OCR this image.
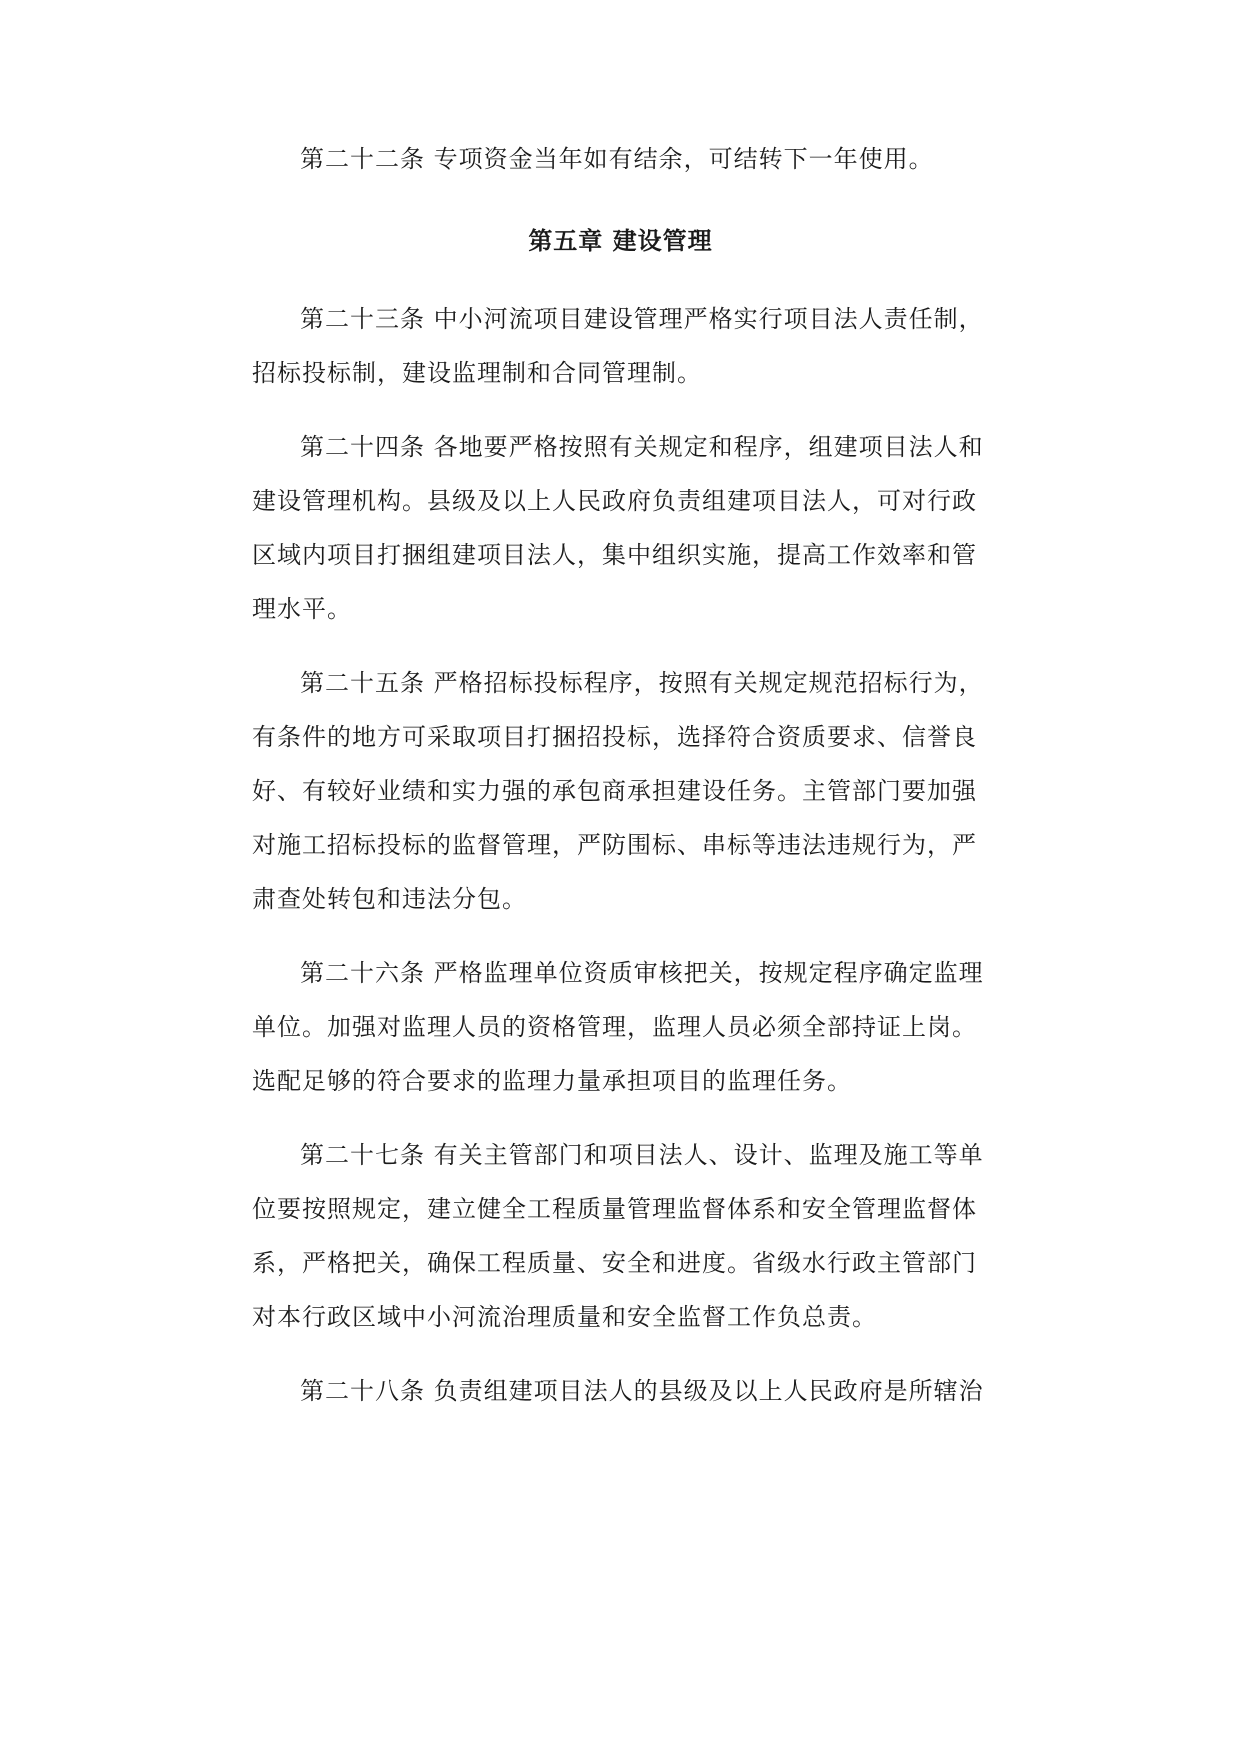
第二十二条 专项资金当年如有结余，可结转下一年使用。
第五章 建设管理
第二十三条 中小河流项目建设管理严格实行项目法人责任制，
招标投标制，建设监理制和合同管理制。
第二十四条 各地要严格按照有关规定和程序，组建项目法人和
建设管理机构。县级及以上人民政府负责组建项目法人，可对行政
区域内项目打捆组建项目法人，集中组织实施，提高工作效率和管
理水平。
第二十五条 严格招标投标程序，按照有关规定规范招标行为，
有条件的地方可采取项目打捆招投标，选择符合资质要求、信誉良
好、有较好业绩和实力强的承包商承担建设任务。主管部门要加强
对施工招标投标的监督管理，严防围标、串标等违法违规行为，严
肃查处转包和违法分包。
第二十六条 严格监理单位资质审核把关，按规定程序确定监理
单位。加强对监理人员的资格管理，监理人员必须全部持证上岗。
选配足够的符合要求的监理力量承担项目的监理任务。
第二十七条 有关主管部门和项目法人、设计、监理及施工等单
位要按照规定，建立健全工程质量管理监督体系和安全管理监督体
系，严格把关，确保工程质量、安全和进度。省级水行政主管部门
对本行政区域中小河流治理质量和安全监督工作负总责。
第二十八条 负责组建项目法人的县级及以上人民政府是所辖治
